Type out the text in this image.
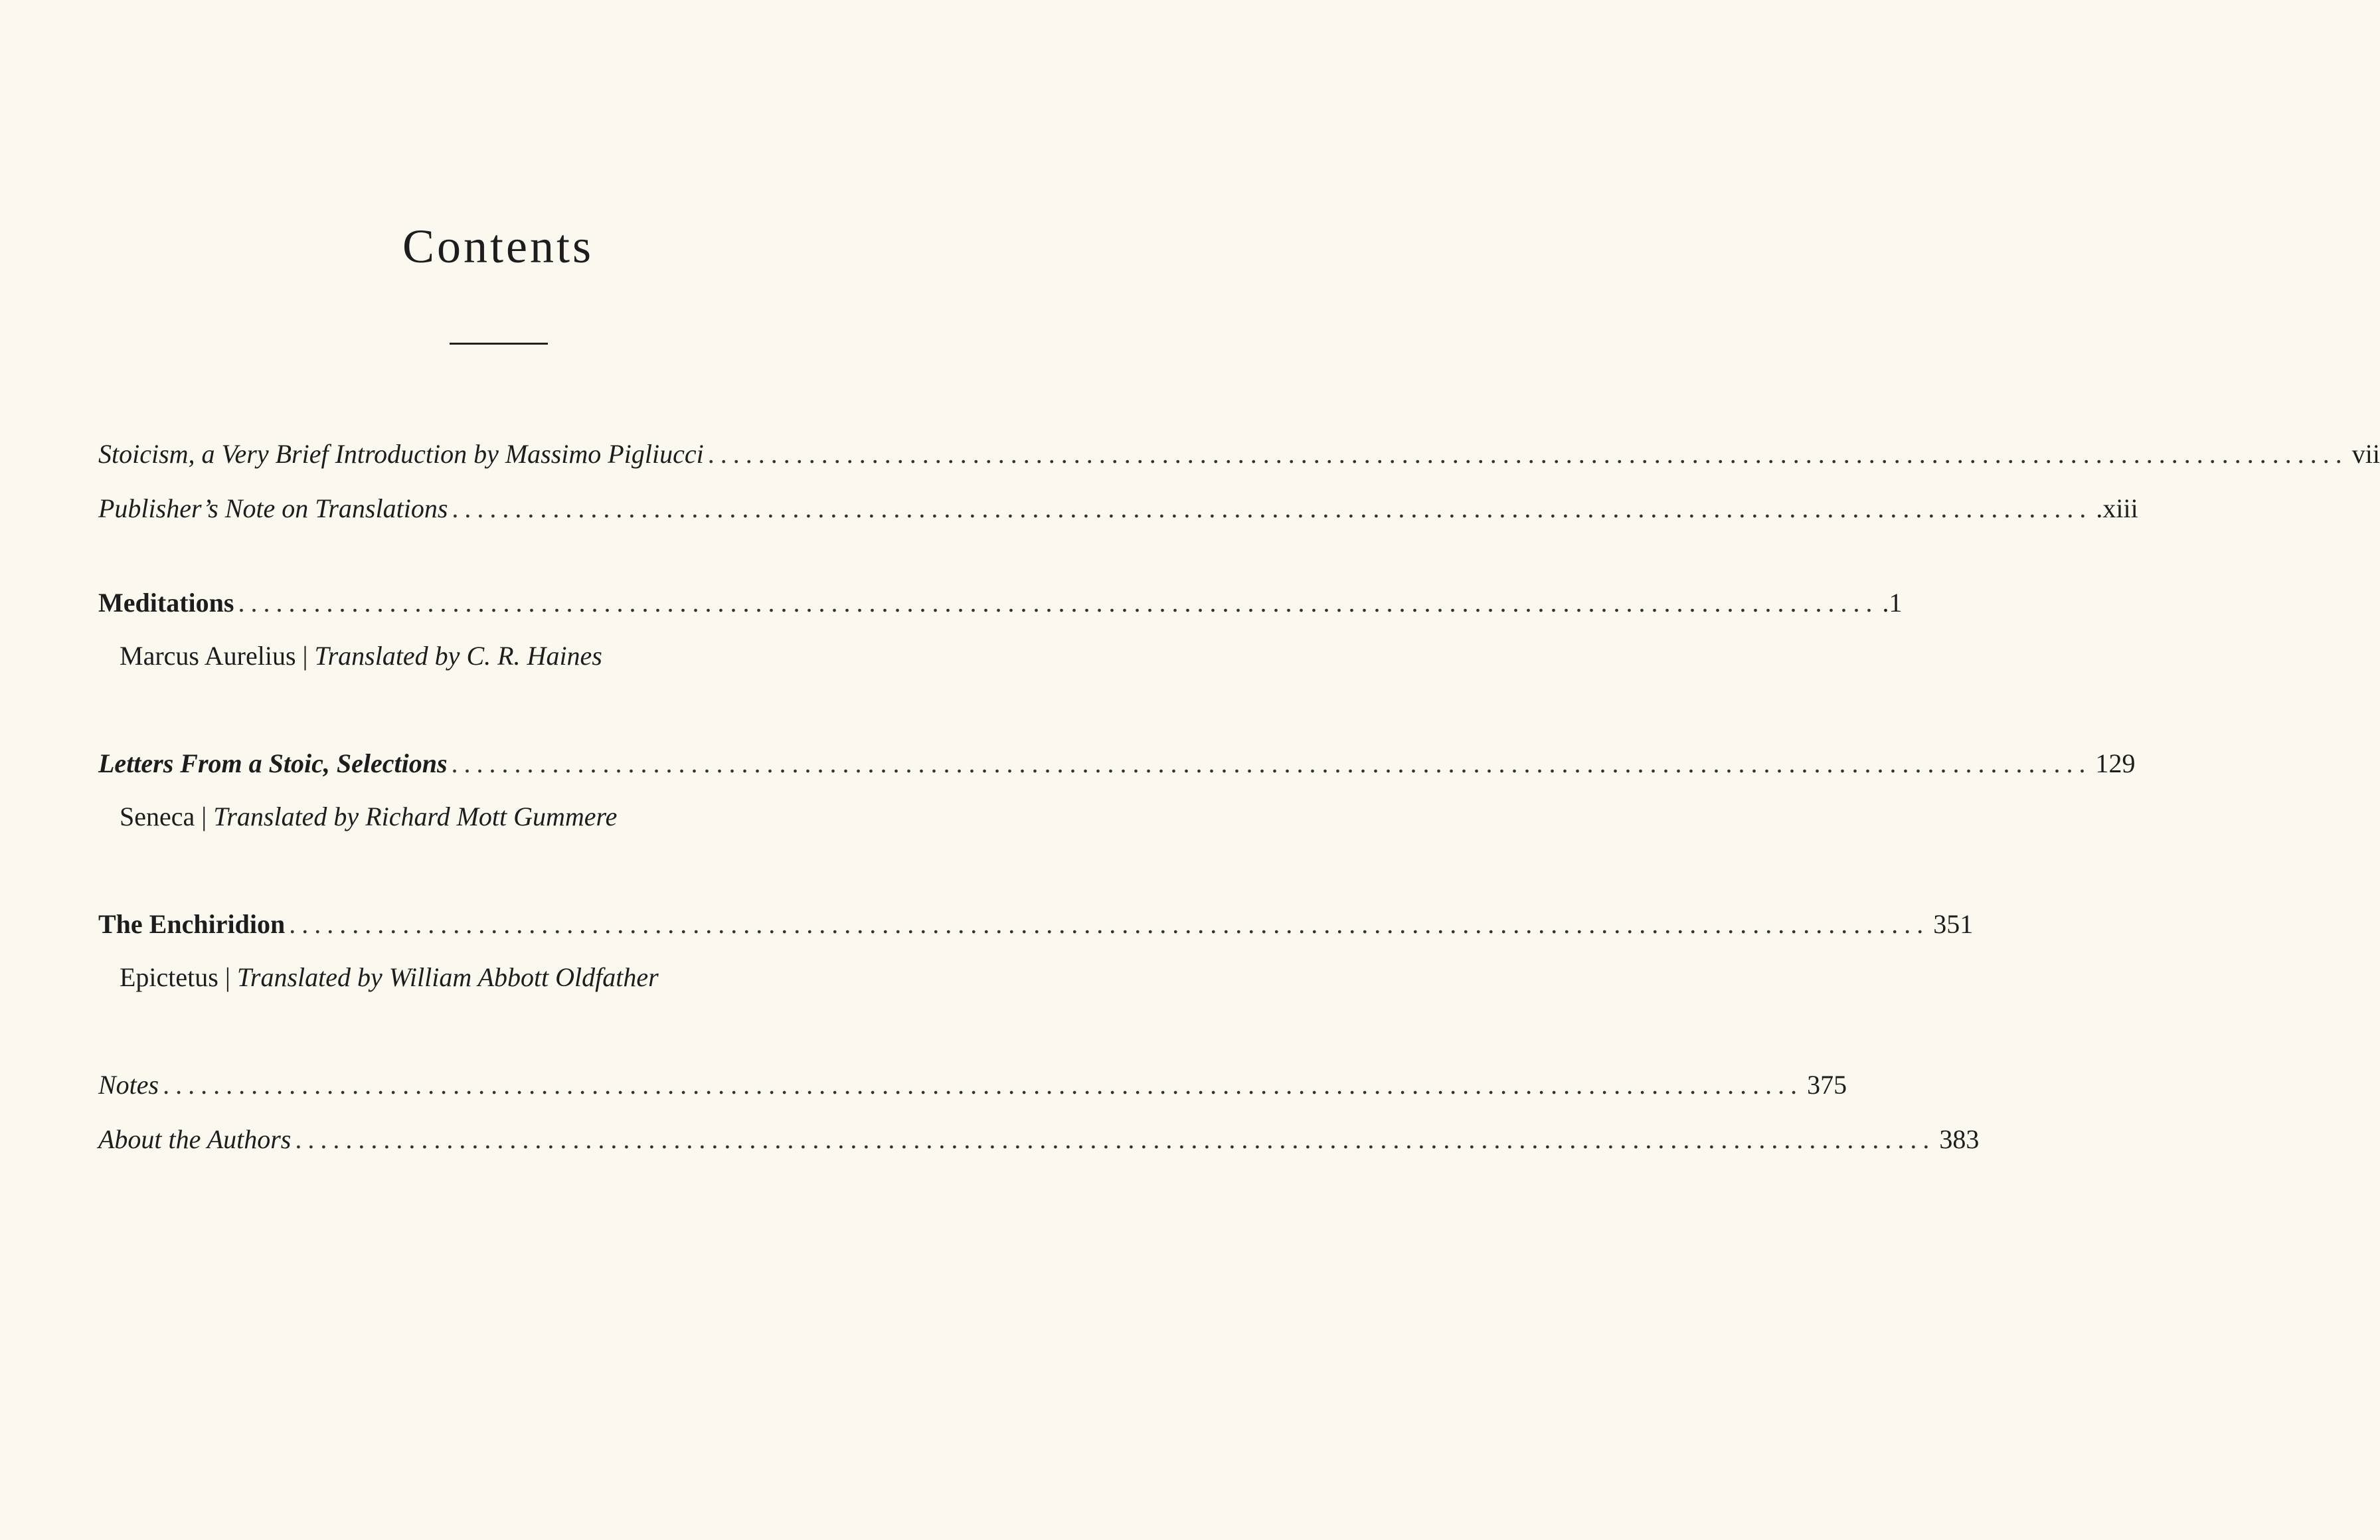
Contents
Stoicism, a Very Brief Introduction by Massimo Pigliucci .................................................................................................................................. vii
Publisher’s Note on Translations .................................................................................................................................. .xiii
Meditations .................................................................................................................................. .1
Marcus Aurelius | Translated by C. R. Haines
Letters From a Stoic, Selections .................................................................................................................................. 129
Seneca | Translated by Richard Mott Gummere
The Enchiridion .................................................................................................................................. 351
Epictetus | Translated by William Abbott Oldfather
Notes .................................................................................................................................. 375
About the Authors .................................................................................................................................. 383
